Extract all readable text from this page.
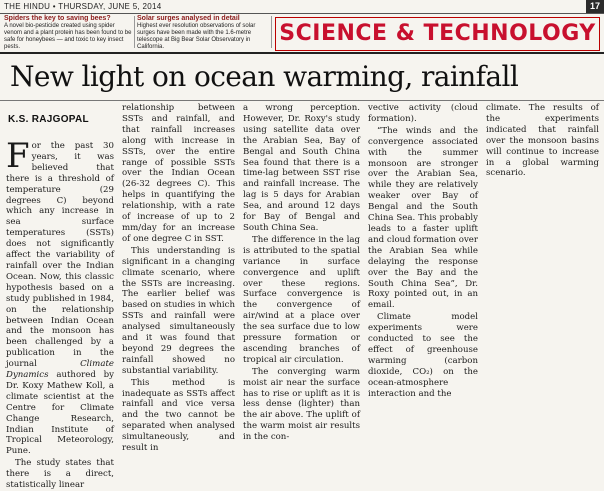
THE HINDU • THURSDAY, JUNE 5, 2014	17
Spiders the key to saving bees?
A novel bio-pesticide created using spider venom and a plant protein has been found to be safe for honeybees — and toxic to key insect pests.
Solar surges analysed in detail
Highest ever resolution observations of solar surges have been made with the 1.6-metre telescope at Big Bear Solar Observatory in California.
SCIENCE & TECHNOLOGY
New light on ocean warming, rainfall
K.S. RAJGOPAL

For the past 30 years, it was believed that there is a threshold of temperature (29 degrees C) beyond which any increase in sea surface temperatures (SSTs) does not significantly affect the variability of rainfall over the Indian Ocean. Now, this classic hypothesis based on a study published in 1984, on the relationship between Indian Ocean and the monsoon has been challenged by a publication in the journal	Climate Dynamics authored by Dr. Koxy Mathew Koll, a climate scientist at the Centre for Climate Change Research, Indian Institute of Tropical Meteorology, Pune.

The study states that there is a direct, statistically linear

relationship between SSTs and rainfall, and that rainfall increases along with increase in SSTs, over the entire range of possible SSTs over the Indian Ocean (26-32 degrees C). This helps in quantifying the relationship, with a rate of increase of up to 2 mm/day for an increase of one degree C in SST.

This understanding is significant in a changing climate scenario, where the SSTs are increasing. The earlier belief was based on studies in which SSTs and rainfall were analysed simultaneously and it was found that beyond 29 degrees the rainfall showed no substantial variability.

This method is inadequate as SSTs affect rainfall and vice versa and the two cannot be separated when analysed simultaneously, and result in

a wrong perception. However, Dr. Roxy's study using satellite data over the Arabian Sea, Bay of Bengal and South China Sea found that there is a time-lag between SST rise and rainfall increase. The lag is 5 days for Arabian Sea, and around 12 days for Bay of Bengal and South China Sea.

The difference in the lag is attributed to the spatial variance in surface convergence and uplift over these regions. Surface convergence is the convergence of air/wind at a place over the sea surface due to low pressure formation or ascending branches of tropical air circulation.

The converging warm moist air near the surface has to rise or uplift as it is less dense (lighter) than the air above. The uplift of the warm moist air results in the con-

vective activity (cloud formation).

“The winds and the convergence associated with the summer monsoon are stronger over the Arabian Sea, while they are relatively weaker over Bay of Bengal and the South China Sea. This probably leads to a faster uplift and cloud formation over the Arabian Sea while delaying the response over the Bay and the South China Sea”, Dr. Roxy pointed out, in an email.

Climate model experiments were conducted to see the effect of greenhouse warming (carbon dioxide, CO₂) on the ocean-atmosphere interaction and the

climate. The results of the experiments indicated that rainfall over the monsoon basins will continue to increase in a global warming scenario.
